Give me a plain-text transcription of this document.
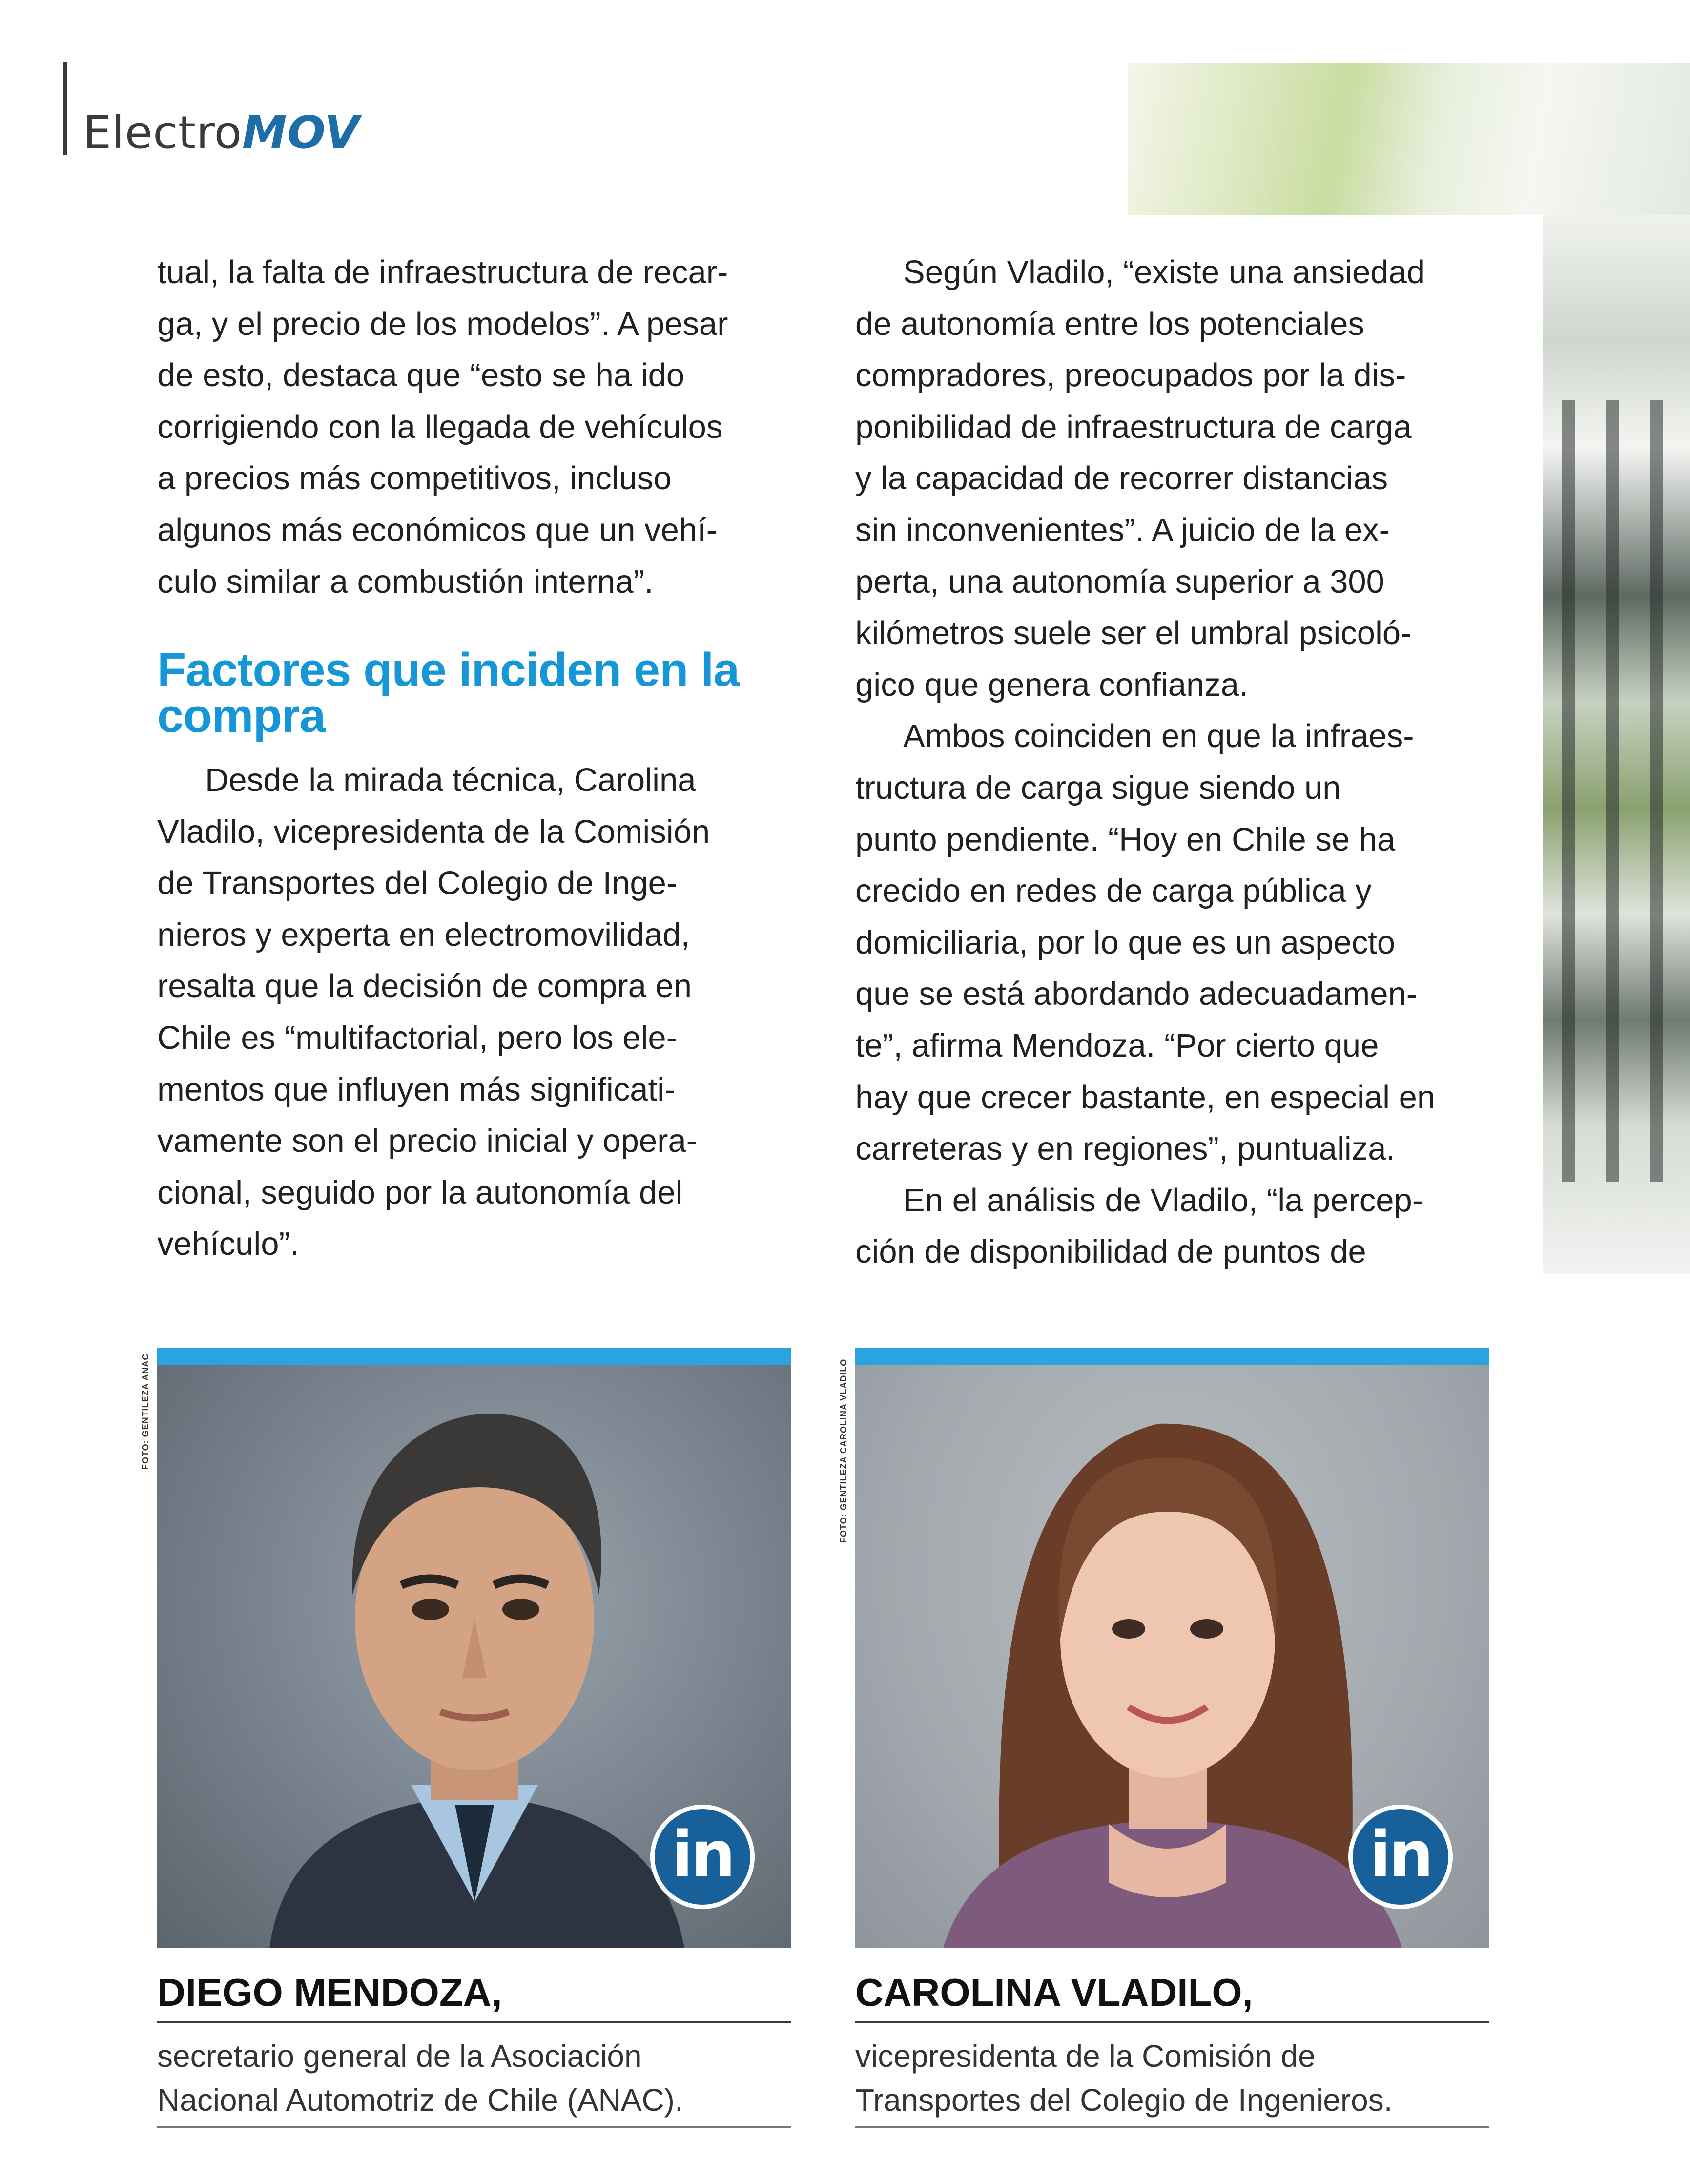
ElectroMOV

tual, la falta de infraestructura de recar-

ga, y el precio de los modelos”. A pesar

de esto, destaca que “esto se ha ido

corrigiendo con la llegada de vehículos

a precios más competitivos, incluso

algunos más económicos que un vehí-

culo similar a combustión interna”.

Factores que inciden en la

compra

Desde la mirada técnica, Carolina

Vladilo, vicepresidenta de la Comisión

de Transportes del Colegio de Inge-

nieros y experta en electromovilidad,

resalta que la decisión de compra en

Chile es “multifactorial, pero los ele-

mentos que influyen más significati-

vamente son el precio inicial y opera-

cional, seguido por la autonomía del

vehículo”.

Según Vladilo, “existe una ansiedad

de autonomía entre los potenciales

compradores, preocupados por la dis-

ponibilidad de infraestructura de carga

y la capacidad de recorrer distancias

sin inconvenientes”. A juicio de la ex-

perta, una autonomía superior a 300

kilómetros suele ser el umbral psicoló-

gico que genera confianza.

Ambos coinciden en que la infraes-

tructura de carga sigue siendo un

punto pendiente. “Hoy en Chile se ha

crecido en redes de carga pública y

domiciliaria, por lo que es un aspecto

que se está abordando adecuadamen-

te”, afirma Mendoza. “Por cierto que

hay que crecer bastante, en especial en

carreteras y en regiones”, puntualiza.

En el análisis de Vladilo, “la percep-

ción de disponibilidad de puntos de

FOTO: GENTILEZA ANAC	FOTO: GENTILEZA CAROLINA VLADILO
in	in
DIEGO MENDOZA,
secretario general de la Asociación
Nacional Automotriz de Chile (ANAC).
CAROLINA VLADILO,
vicepresidenta de la Comisión de
Transportes del Colegio de Ingenieros.
